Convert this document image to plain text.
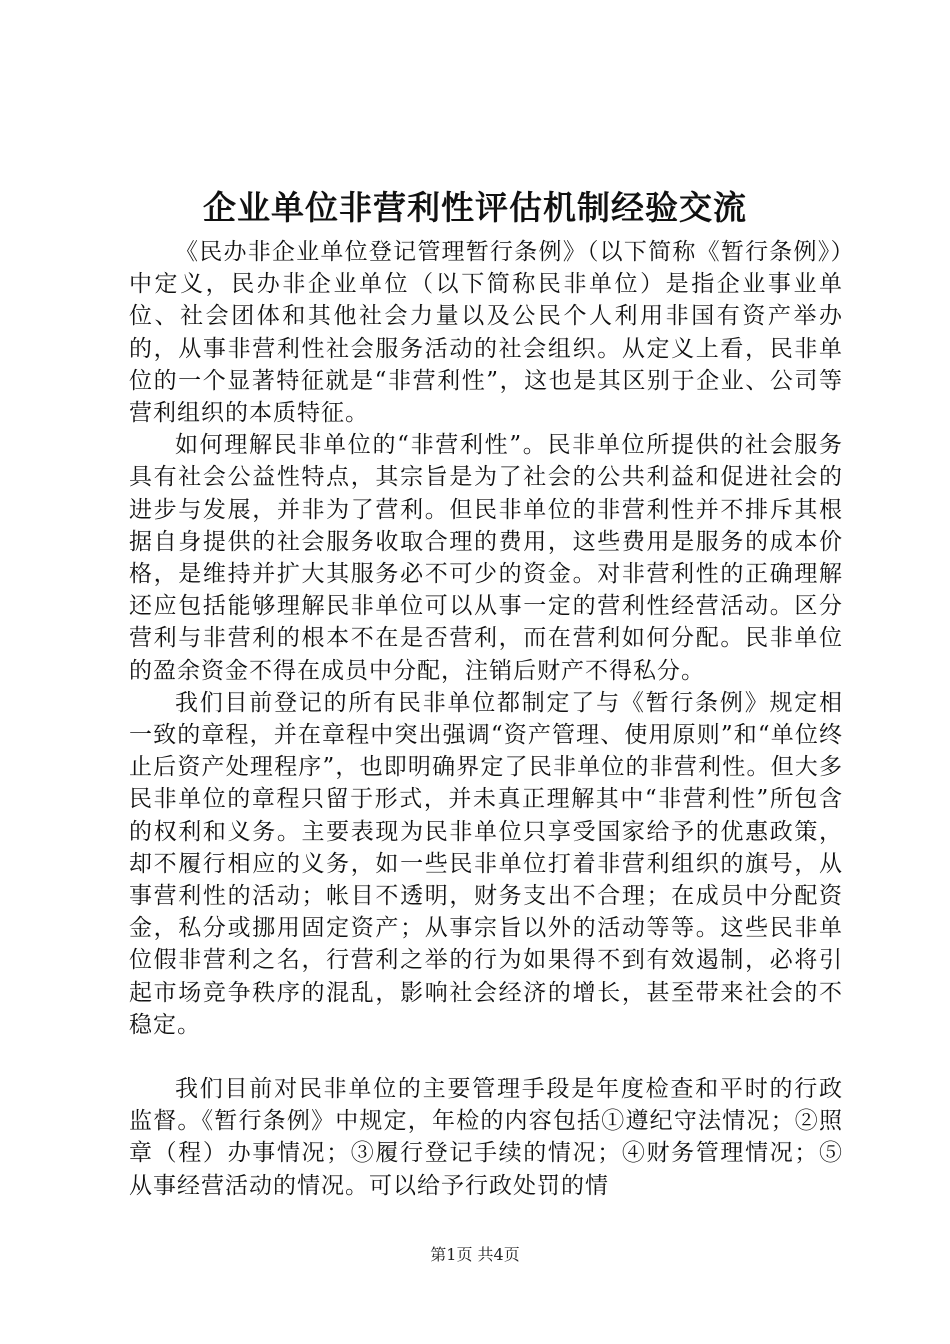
企业单位非营利性评估机制经验交流

《民办非企业单位登记管理暂行条例》（以下简称《暂行条例》）中定义，民办非企业单位（以下简称民非单位）是指企业事业单位、社会团体和其他社会力量以及公民个人利用非国有资产举办的，从事非营利性社会服务活动的社会组织。从定义上看，民非单位的一个显著特征就是“非营利性”，这也是其区别于企业、公司等营利组织的本质特征。

如何理解民非单位的“非营利性”。民非单位所提供的社会服务具有社会公益性特点，其宗旨是为了社会的公共利益和促进社会的进步与发展，并非为了营利。但民非单位的非营利性并不排斥其根据自身提供的社会服务收取合理的费用，这些费用是服务的成本价格，是维持并扩大其服务必不可少的资金。对非营利性的正确理解还应包括能够理解民非单位可以从事一定的营利性经营活动。区分营利与非营利的根本不在是否营利，而在营利如何分配。民非单位的盈余资金不得在成员中分配，注销后财产不得私分。

我们目前登记的所有民非单位都制定了与《暂行条例》规定相一致的章程，并在章程中突出强调“资产管理、使用原则”和“单位终止后资产处理程序”，也即明确界定了民非单位的非营利性。但大多民非单位的章程只留于形式，并未真正理解其中“非营利性”所包含的权利和义务。主要表现为民非单位只享受国家给予的优惠政策，却不履行相应的义务，如一些民非单位打着非营利组织的旗号，从事营利性的活动；帐目不透明，财务支出不合理；在成员中分配资金，私分或挪用固定资产；从事宗旨以外的活动等等。这些民非单位假非营利之名，行营利之举的行为如果得不到有效遏制，必将引起市场竞争秩序的混乱，影响社会经济的增长，甚至带来社会的不稳定。

我们目前对民非单位的主要管理手段是年度检查和平时的行政监督。《暂行条例》中规定，年检的内容包括①遵纪守法情况；②照章（程）办事情况；③履行登记手续的情况；④财务管理情况；⑤从事经营活动的情况。可以给予行政处罚的情

第1页 共4页
